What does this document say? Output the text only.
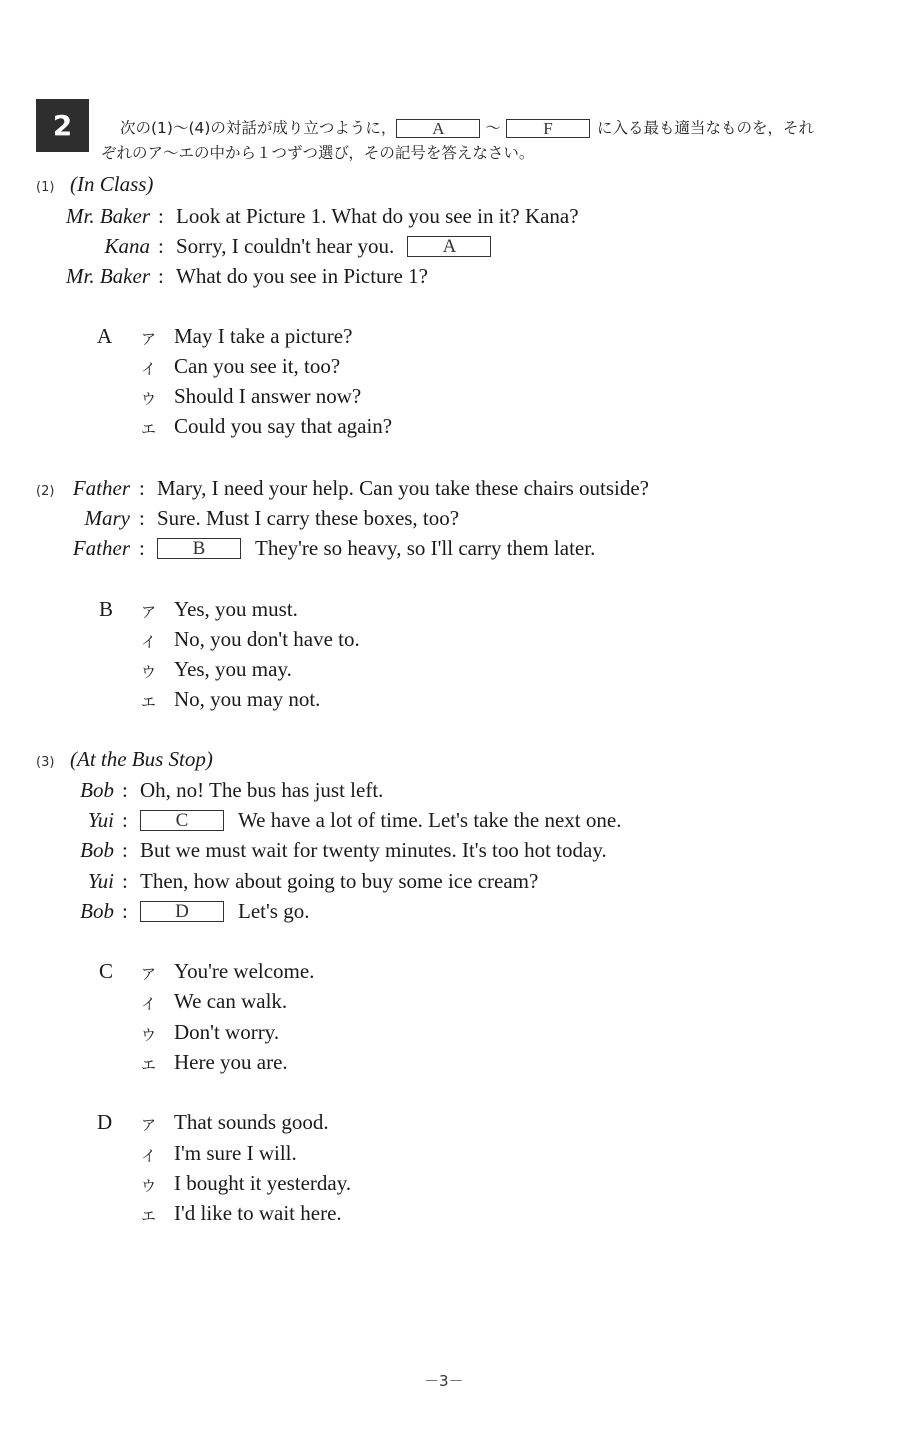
2	次の(1)～(4)の対話が成り立つように， A	～ F	に入る最も適当なものを，それ
ぞれのア～エの中から１つずつ選び，その記号を答えなさい。
(1) (In Class)
Mr. Baker : Look at Picture 1. What do you see in it? Kana?
Kana : Sorry, I couldn't hear you.	A
Mr. Baker : What do you see in Picture 1?
A ア May I take a picture?
イ Can you see it, too?
ウ Should I answer now?
エ Could you say that again?
(2) Father : Mary, I need your help. Can you take these chairs outside?
Mary : Sure. Must I carry these boxes, too?
Father :	B They're so heavy, so I'll carry them later.
B ア Yes, you must.
イ No, you don't have to.
ウ Yes, you may.
エ No, you may not.
(3) (At the Bus Stop)
Bob : Oh, no! The bus has just left.
Yui :	C We have a lot of time. Let's take the next one.
Bob : But we must wait for twenty minutes. It's too hot today.
Yui : Then, how about going to buy some ice cream?
Bob :	D Let's go.
C ア You're welcome.
イ We can walk.
ウ Don't worry.
エ Here you are.
D ア That sounds good.
イ I'm sure I will.
ウ I bought it yesterday.
エ I'd like to wait here.
－3－
